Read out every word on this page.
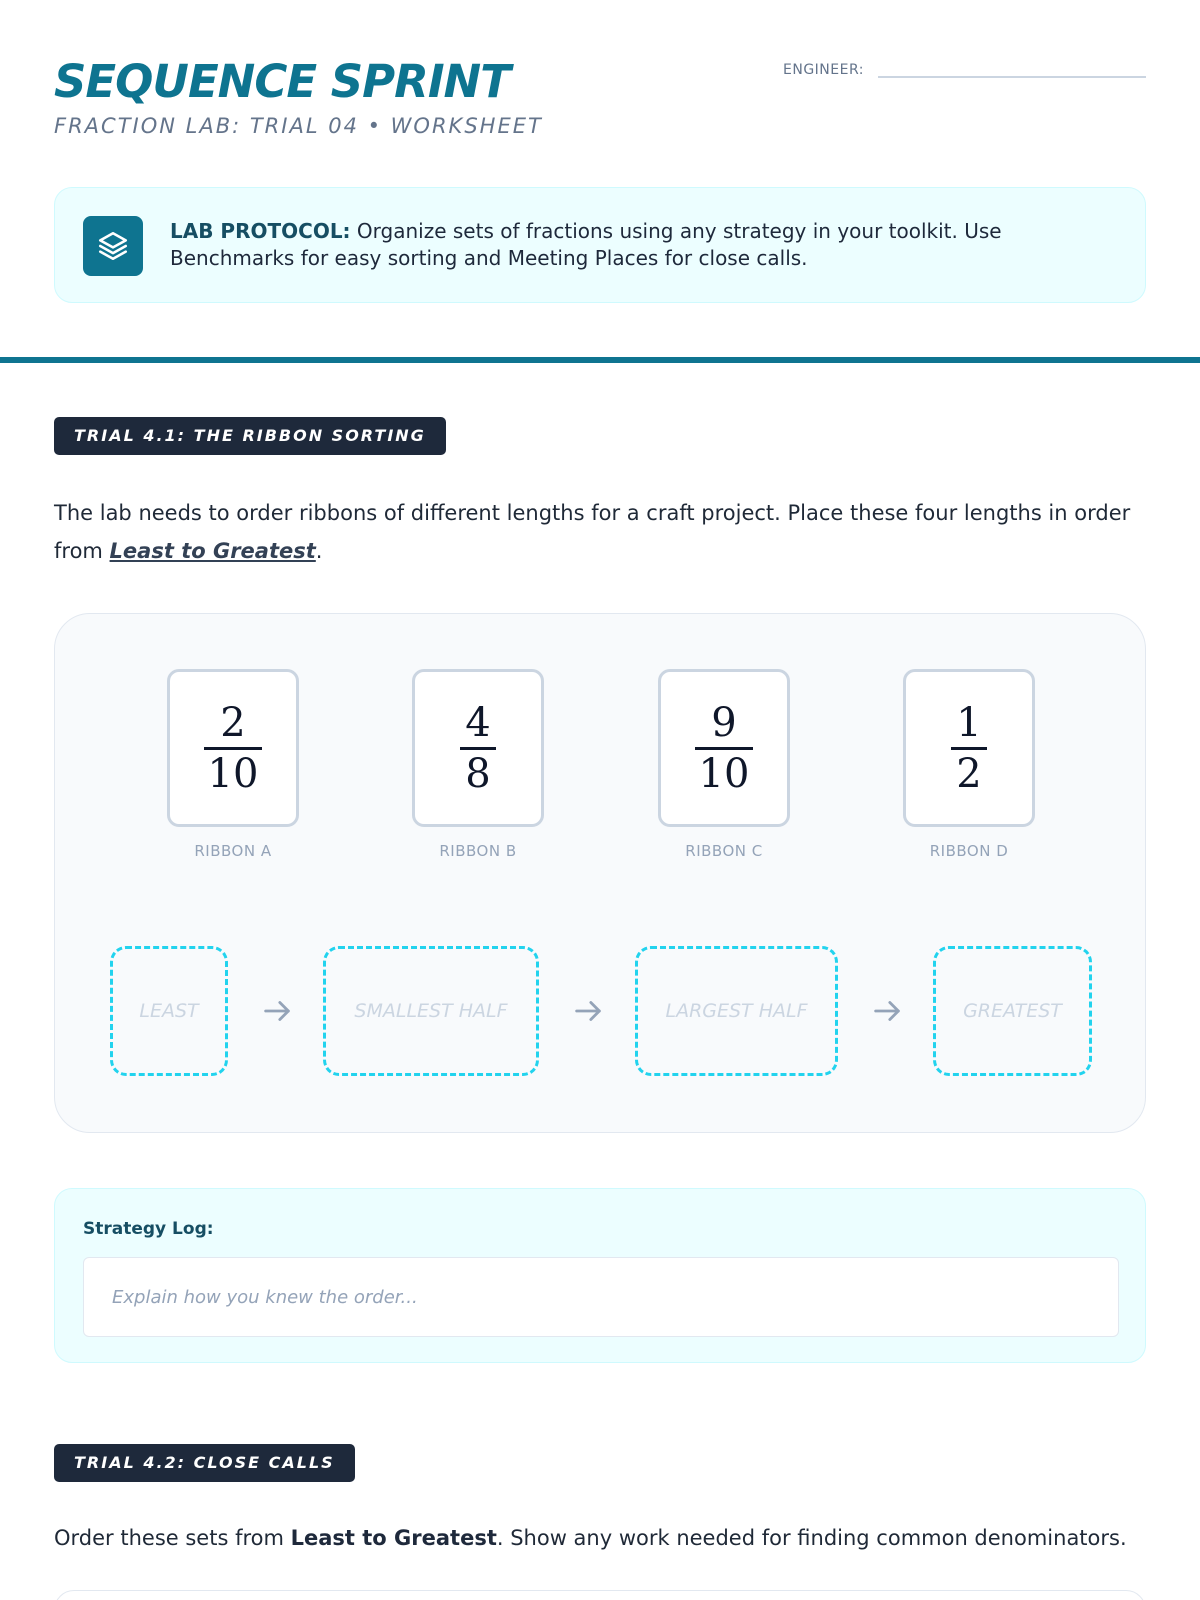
SEQUENCE SPRINT
FRACTION LAB: TRIAL 04 • WORKSHEET
ENGINEER:
LAB PROTOCOL: Organize sets of fractions using any strategy in your toolkit. Use Benchmarks for easy sorting and Meeting Places for close calls.
TRIAL 4.1: THE RIBBON SORTING
The lab needs to order ribbons of different lengths for a craft project. Place these four lengths in order from Least to Greatest.
2
10
RIBBON A
4
8
RIBBON B
9
10
RIBBON C
1
2
RIBBON D
LEAST	SMALLEST HALF	LARGEST HALF	GREATEST
Strategy Log:
Explain how you knew the order...
TRIAL 4.2: CLOSE CALLS
Order these sets from Least to Greatest. Show any work needed for finding common denominators.
